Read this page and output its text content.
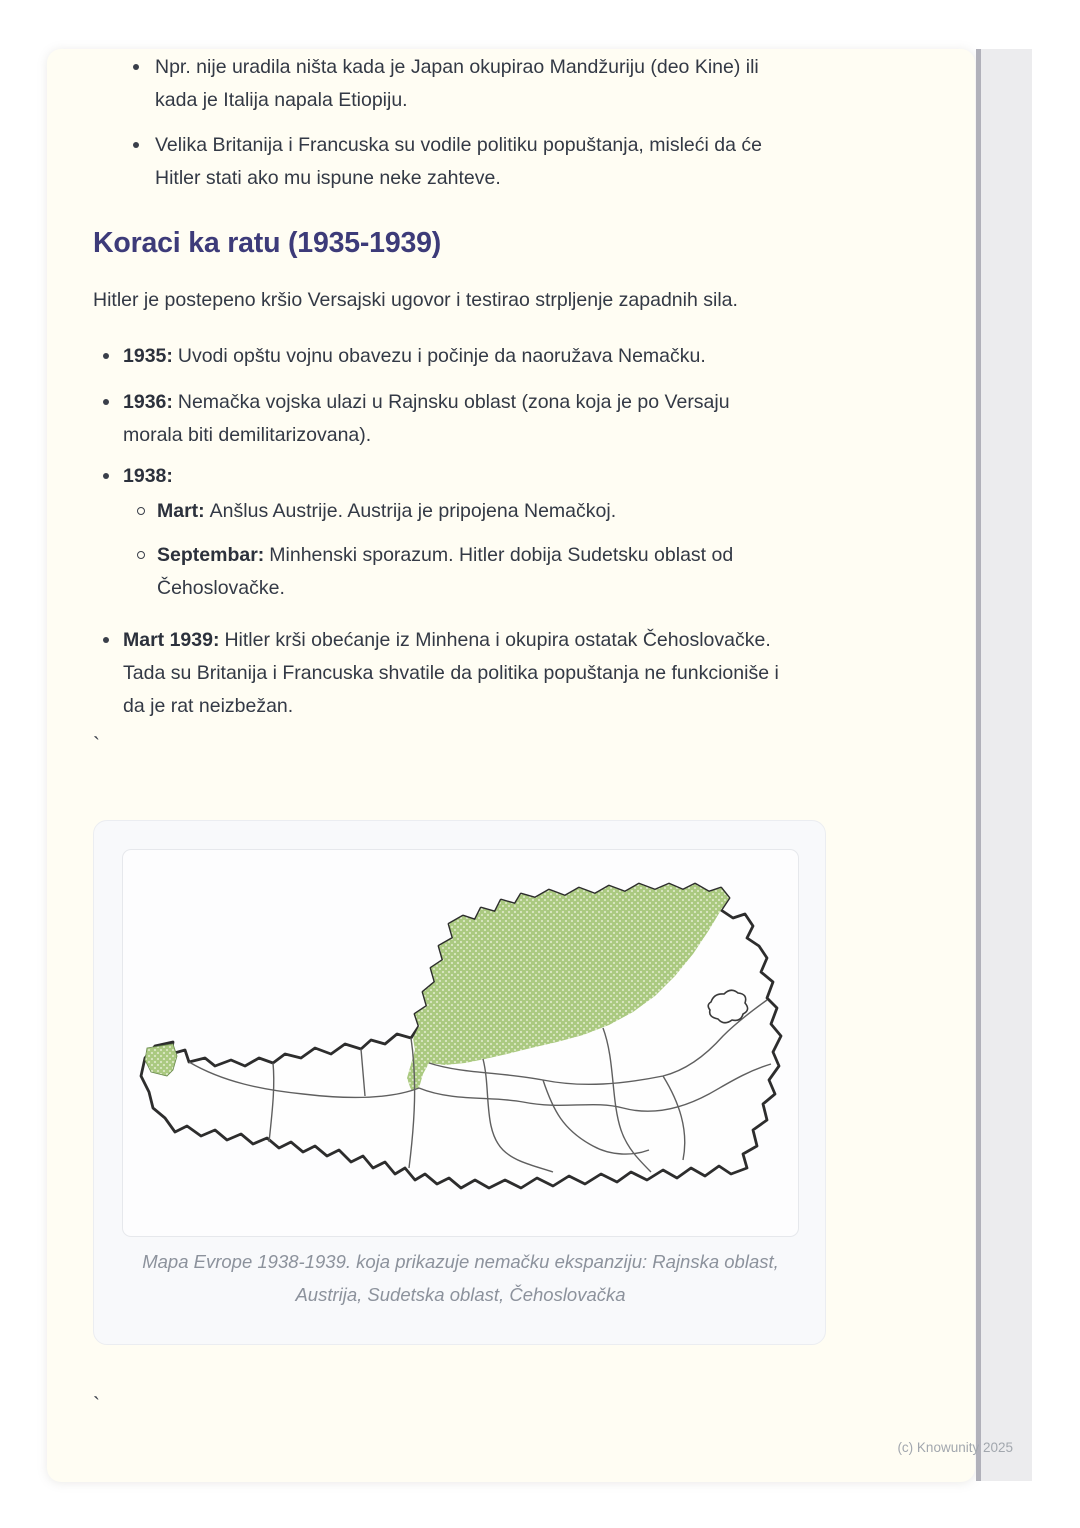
Npr. nije uradila ništa kada je Japan okupirao Mandžuriju (deo Kine) ili
kada je Italija napala Etiopiju.

Velika Britanija i Francuska su vodile politiku popuštanja, misleći da će
Hitler stati ako mu ispune neke zahteve.

Koraci ka ratu (1935-1939)

Hitler je postepeno kršio Versajski ugovor i testirao strpljenje zapadnih sila.

1935: Uvodi opštu vojnu obavezu i počinje da naoružava Nemačku.

1936: Nemačka vojska ulazi u Rajnsku oblast (zona koja je po Versaju
morala biti demilitarizovana).

1938:

Mart: Anšlus Austrije. Austrija je pripojena Nemačkoj.

Septembar: Minhenski sporazum. Hitler dobija Sudetsku oblast od
Čehoslovačke.

Mart 1939: Hitler krši obećanje iz Minhena i okupira ostatak Čehoslovačke.
Tada su Britanija i Francuska shvatile da politika popuštanja ne funkcioniše i
da je rat neizbežan.

`
Mapa Evrope 1938-1939. koja prikazuje nemačku ekspanziju: Rajnska oblast,
Austrija, Sudetska oblast, Čehoslovačka
`
(c) Knowunity 2025
